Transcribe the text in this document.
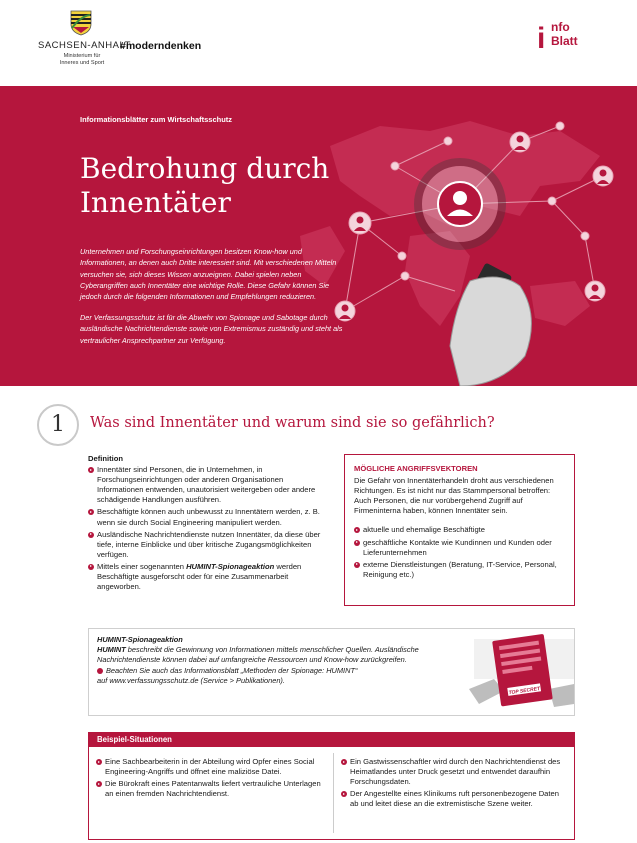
SACHSEN-ANHALT
Ministerium für Inneres und Sport
#moderndenken	i nfo
Blatt
Informationsblätter zum Wirtschaftsschutz
Bedrohung durch Innentäter
Unternehmen und Forschungseinrichtungen besitzen Know-how und Informationen, an denen auch Dritte interessiert sind. Mit verschiedenen Mitteln versuchen sie, sich dieses Wissen anzueignen. Dabei spielen neben Cyberangriffen auch Innentäter eine wichtige Rolle. Diese Gefahr können Sie jedoch durch die folgenden Informationen und Empfehlungen reduzieren.
Der Verfassungsschutz ist für die Abwehr von Spionage und Sabotage durch ausländische Nachrichtendienste sowie von Extremismus zuständig und steht als vertraulicher Ansprechpartner zur Verfügung.
1	Was sind Innentäter und warum sind sie so gefährlich?
Definition
Innentäter sind Personen, die in Unternehmen, in Forschungseinrichtungen oder anderen Organisationen Informationen entwenden, unautorisiert weitergeben oder andere schädigende Handlungen ausführen.
Beschäftigte können auch unbewusst zu Innentätern werden, z. B. wenn sie durch Social Engineering manipuliert werden.
Ausländische Nachrichtendienste nutzen Innentäter, da diese über tiefe, interne Einblicke und über kritische Zugangsmöglichkeiten verfügen.
Mittels einer sogenannten HUMINT-Spionageaktion werden Beschäftigte ausgeforscht oder für eine Zusammenarbeit angeworben.
MÖGLICHE ANGRIFFSVEKTOREN
Die Gefahr von Innentäterhandeln droht aus verschiedenen Richtungen. Es ist nicht nur das Stammpersonal betroffen: Auch Personen, die nur vorübergehend Zugriff auf Firmeninterna haben, können Innentäter sein.
aktuelle und ehemalige Beschäftigte
geschäftliche Kontakte wie Kundinnen und Kunden oder Lieferunternehmen
externe Dienstleistungen (Beratung, IT-Service, Personal, Reinigung etc.)
HUMINT-Spionageaktion
HUMINT beschreibt die Gewinnung von Informationen mittels menschlicher Quellen. Ausländische Nachrichtendienste können dabei auf umfangreiche Ressourcen und Know-how zurückgreifen.
Beachten Sie auch das Informationsblatt „Methoden der Spionage: HUMINT“
auf www.verfassungsschutz.de (Service > Publikationen).
TOP SECRET
Beispiel-Situationen
Eine Sachbearbeiterin in der Abteilung wird Opfer eines Social Engineering-Angriffs und öffnet eine maliziöse Datei.
Die Bürokraft eines Patentanwalts liefert vertrauliche Unterlagen an einen fremden Nachrichtendienst.
Ein Gastwissenschaftler wird durch den Nachrichtendienst des Heimatlandes unter Druck gesetzt und entwendet daraufhin Forschungsdaten.
Der Angestellte eines Klinikums ruft personenbezogene Daten ab und leitet diese an die extremistische Szene weiter.
